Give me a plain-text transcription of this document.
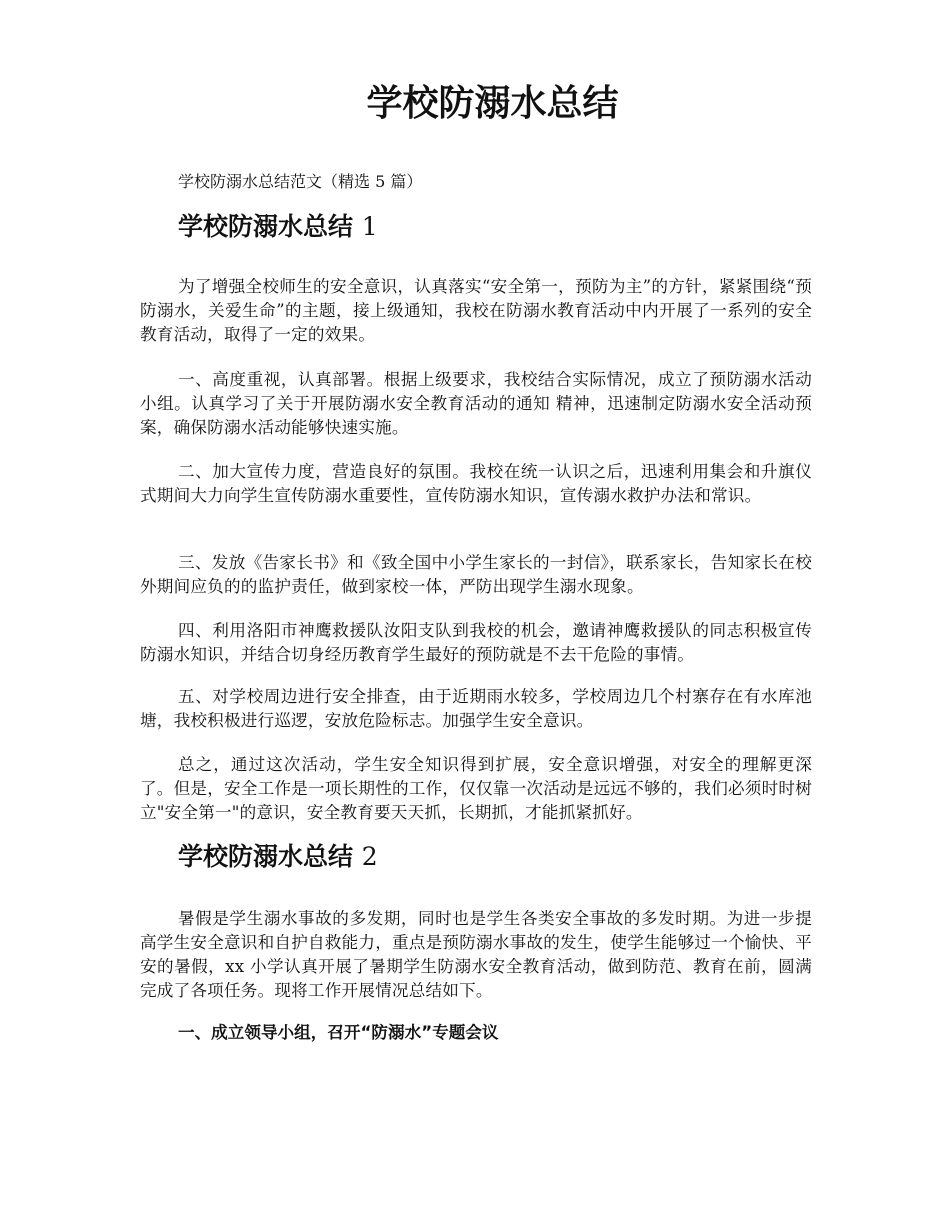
学校防溺水总结

学校防溺水总结范文（精选 5 篇）

学校防溺水总结 1

为了增强全校师生的安全意识，认真落实“安全第一，预防为主”的方针，紧紧围绕“预防溺水，关爱生命”的主题，接上级通知，我校在防溺水教育活动中内开展了一系列的安全教育活动，取得了一定的效果。

一、高度重视，认真部署。根据上级要求，我校结合实际情况，成立了预防溺水活动小组。认真学习了关于开展防溺水安全教育活动的通知 精神，迅速制定防溺水安全活动预案，确保防溺水活动能够快速实施。

二、加大宣传力度，营造良好的氛围。我校在统一认识之后，迅速利用集会和升旗仪式期间大力向学生宣传防溺水重要性，宣传防溺水知识，宣传溺水救护办法和常识。

三、发放《告家长书》和《致全国中小学生家长的一封信》，联系家长，告知家长在校外期间应负的的监护责任，做到家校一体，严防出现学生溺水现象。

四、利用洛阳市神鹰救援队汝阳支队到我校的机会，邀请神鹰救援队的同志积极宣传防溺水知识，并结合切身经历教育学生最好的预防就是不去干危险的事情。

五、对学校周边进行安全排查，由于近期雨水较多，学校周边几个村寨存在有水库池塘，我校积极进行巡逻，安放危险标志。加强学生安全意识。

总之，通过这次活动，学生安全知识得到扩展，安全意识增强，对安全的理解更深了。但是，安全工作是一项长期性的工作，仅仅靠一次活动是远远不够的，我们必须时时树立"安全第一"的意识，安全教育要天天抓，长期抓，才能抓紧抓好。

学校防溺水总结 2

暑假是学生溺水事故的多发期，同时也是学生各类安全事故的多发时期。为进一步提高学生安全意识和自护自救能力，重点是预防溺水事故的发生，使学生能够过一个愉快、平安的暑假，xx 小学认真开展了暑期学生防溺水安全教育活动，做到防范、教育在前，圆满完成了各项任务。现将工作开展情况总结如下。

一、成立领导小组，召开“防溺水”专题会议
